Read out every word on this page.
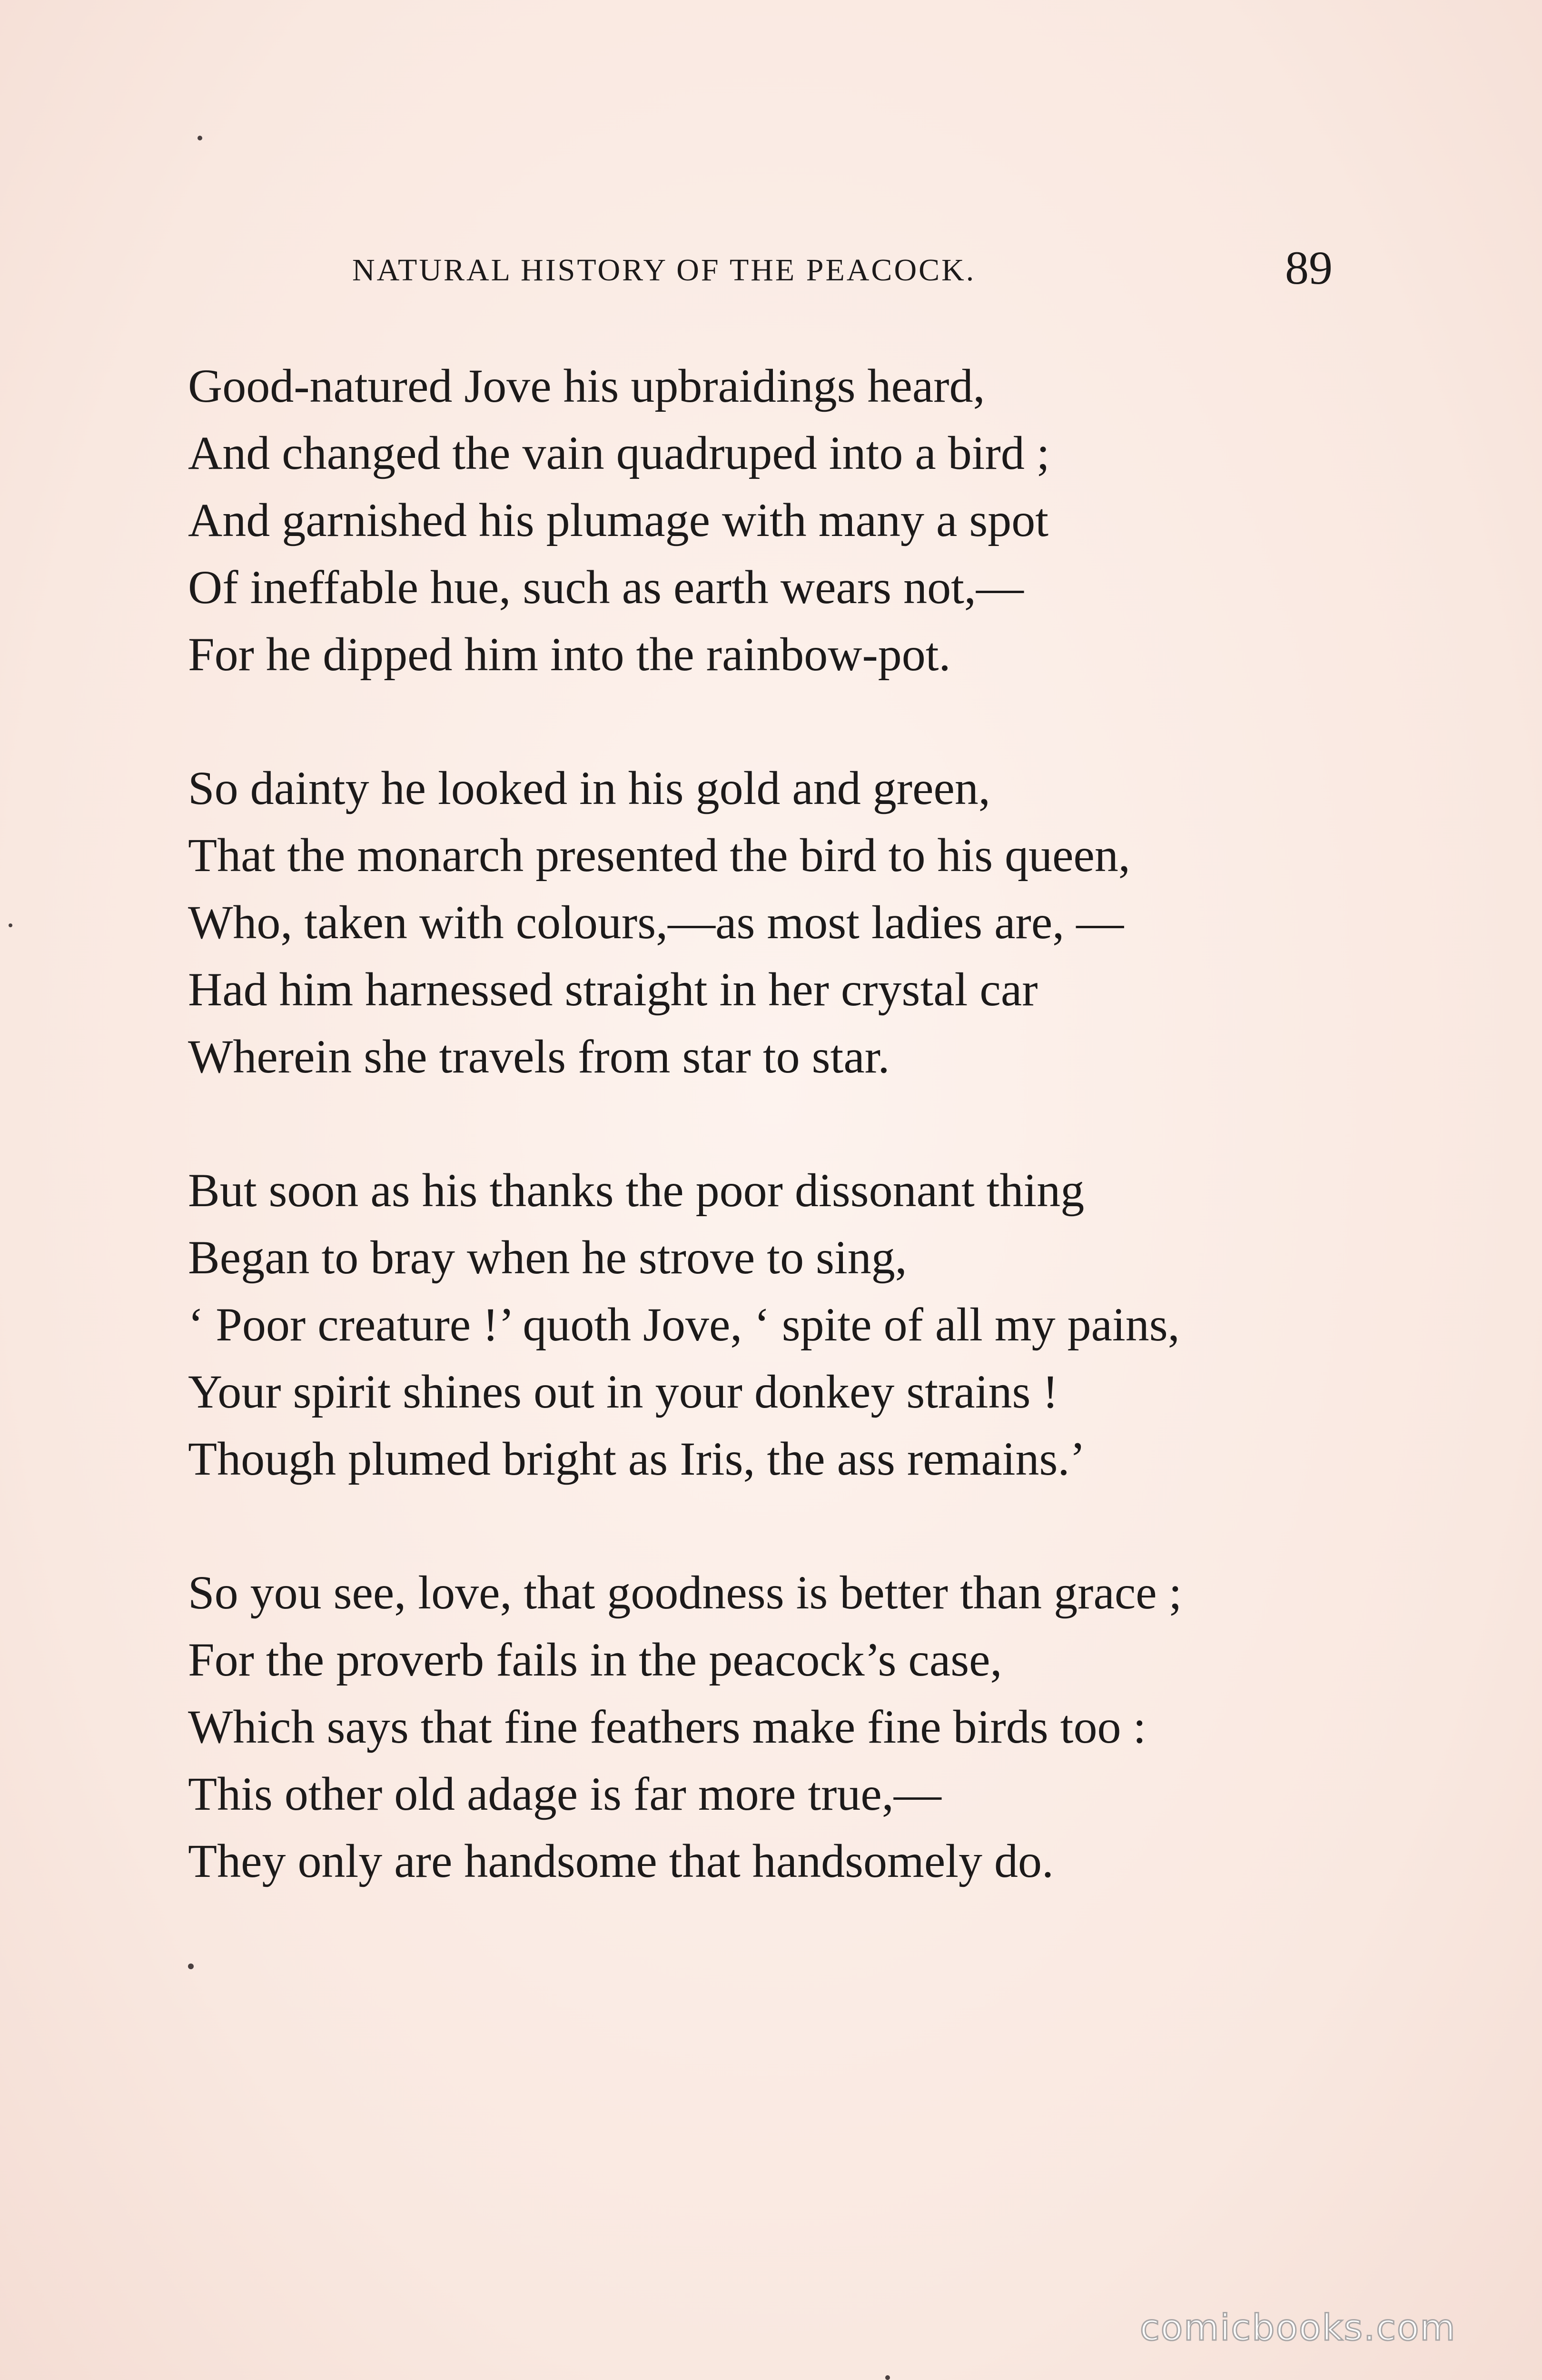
NATURAL HISTORY OF THE PEACOCK.	89
Good-natured Jove his upbraidings heard,
And changed the vain quadruped into a bird ;
And garnished his plumage with many a spot
Of ineffable hue, such as earth wears not,—
For he dipped him into the rainbow-pot.
So dainty he looked in his gold and green,
That the monarch presented the bird to his queen,
Who, taken with colours,—as most ladies are, —
Had him harnessed straight in her crystal car
Wherein she travels from star to star.
But soon as his thanks the poor dissonant thing
Began to bray when he strove to sing,
‘ Poor creature !’ quoth Jove, ‘ spite of all my pains,
Your spirit shines out in your donkey strains !
Though plumed bright as Iris, the ass remains.’
So you see, love, that goodness is better than grace ;
For the proverb fails in the peacock’s case,
Which says that fine feathers make fine birds too :
This other old adage is far more true,—
They only are handsome that handsomely do.
comicbooks.com
